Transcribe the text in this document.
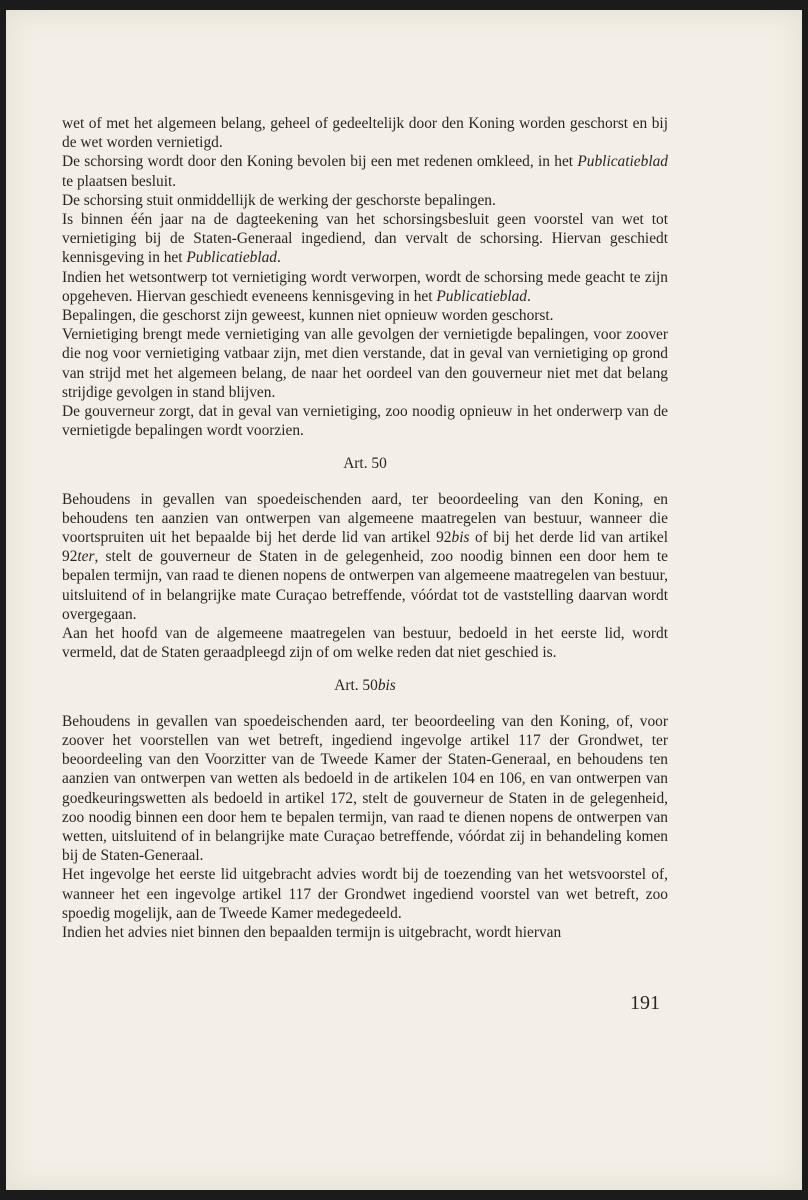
wet of met het algemeen belang, geheel of gedeeltelijk door den Koning worden geschorst en bij de wet worden vernietigd.

De schorsing wordt door den Koning bevolen bij een met redenen omkleed, in het Publicatieblad te plaatsen besluit.

De schorsing stuit onmiddellijk de werking der geschorste bepalingen.

Is binnen één jaar na de dagteekening van het schorsingsbesluit geen voorstel van wet tot vernietiging bij de Staten-Generaal ingediend, dan vervalt de schorsing. Hiervan geschiedt kennisgeving in het Publicatieblad.

Indien het wetsontwerp tot vernietiging wordt verworpen, wordt de schorsing mede geacht te zijn opgeheven. Hiervan geschiedt eveneens kennisgeving in het Publicatieblad.

Bepalingen, die geschorst zijn geweest, kunnen niet opnieuw worden geschorst.

Vernietiging brengt mede vernietiging van alle gevolgen der vernietigde bepalingen, voor zoover die nog voor vernietiging vatbaar zijn, met dien verstande, dat in geval van vernietiging op grond van strijd met het algemeen belang, de naar het oordeel van den gouverneur niet met dat belang strijdige gevolgen in stand blijven.

De gouverneur zorgt, dat in geval van vernietiging, zoo noodig opnieuw in het onderwerp van de vernietigde bepalingen wordt voorzien.

Art. 50

Behoudens in gevallen van spoedeischenden aard, ter beoordeeling van den Koning, en behoudens ten aanzien van ontwerpen van algemeene maatregelen van bestuur, wanneer die voortspruiten uit het bepaalde bij het derde lid van artikel 92bis of bij het derde lid van artikel 92ter, stelt de gouverneur de Staten in de gelegenheid, zoo noodig binnen een door hem te bepalen termijn, van raad te dienen nopens de ontwerpen van algemeene maatregelen van bestuur, uitsluitend of in belangrijke mate Curaçao betreffende, vóórdat tot de vaststelling daarvan wordt overgegaan.

Aan het hoofd van de algemeene maatregelen van bestuur, bedoeld in het eerste lid, wordt vermeld, dat de Staten geraadpleegd zijn of om welke reden dat niet geschied is.

Art. 50bis

Behoudens in gevallen van spoedeischenden aard, ter beoordeeling van den Koning, of, voor zoover het voorstellen van wet betreft, ingediend ingevolge artikel 117 der Grondwet, ter beoordeeling van den Voorzitter van de Tweede Kamer der Staten-Generaal, en behoudens ten aanzien van ontwerpen van wetten als bedoeld in de artikelen 104 en 106, en van ontwerpen van goedkeuringswetten als bedoeld in artikel 172, stelt de gouverneur de Staten in de gelegenheid, zoo noodig binnen een door hem te bepalen termijn, van raad te dienen nopens de ontwerpen van wetten, uitsluitend of in belangrijke mate Curaçao betreffende, vóórdat zij in behandeling komen bij de Staten-Generaal.

Het ingevolge het eerste lid uitgebracht advies wordt bij de toezending van het wetsvoorstel of, wanneer het een ingevolge artikel 117 der Grondwet ingediend voorstel van wet betreft, zoo spoedig mogelijk, aan de Tweede Kamer medegedeeld.

Indien het advies niet binnen den bepaalden termijn is uitgebracht, wordt hiervan

191
